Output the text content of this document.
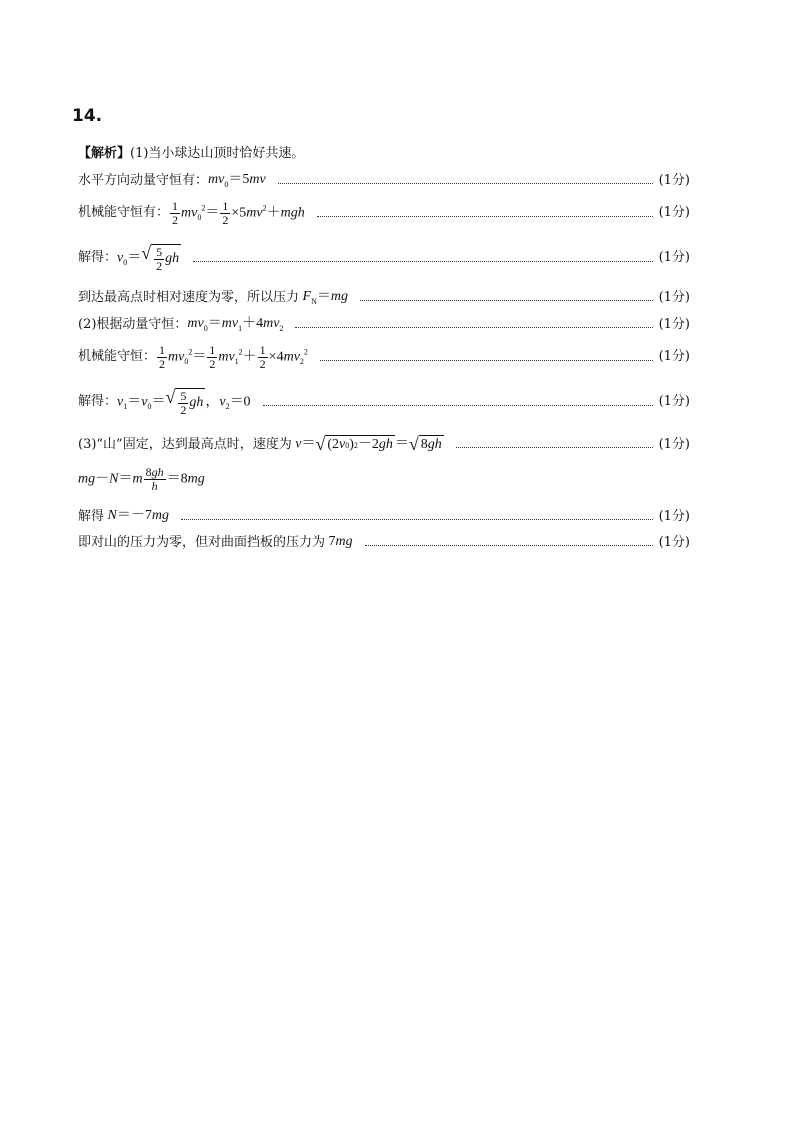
14.
【解析】 (1)当小球达山顶时恰好共速。
水平方向动量守恒有： $mv_0=5mv$	(1分)
机械能守恒有： $\frac{1}{2} mv_0^2= \frac{1}{2} \times 5mv^2+mgh$	(1分)
解得： $v_0=$ √ $\frac{5}{2}$ gh	(1分)
到达最高点时相对速度为零，所以压力 $F_N=mg$	(1分)
(2)根据动量守恒： $mv_0=mv_1+4mv_2$	(1分)
机械能守恒： $\frac{1}{2} mv_0^2= \frac{1}{2} mv_1^2+ \frac{1}{2} \times 4mv_2^2$	(1分)
解得： $v_1=v_0=$ √ $\frac{5}{2}$ gh ，$v_2=0$	(1分)
(3)“山”固定，达到最高点时，速度为 v＝ √ (2 v 0 ) 2 －2 gh ＝ √ 8 gh	(1分)
$mg-N=m \frac{8gh}{h} =8mg$
解得 N＝－7mg	(1分)
即对山的压力为零，但对曲面挡板的压力为 7mg	(1分)
